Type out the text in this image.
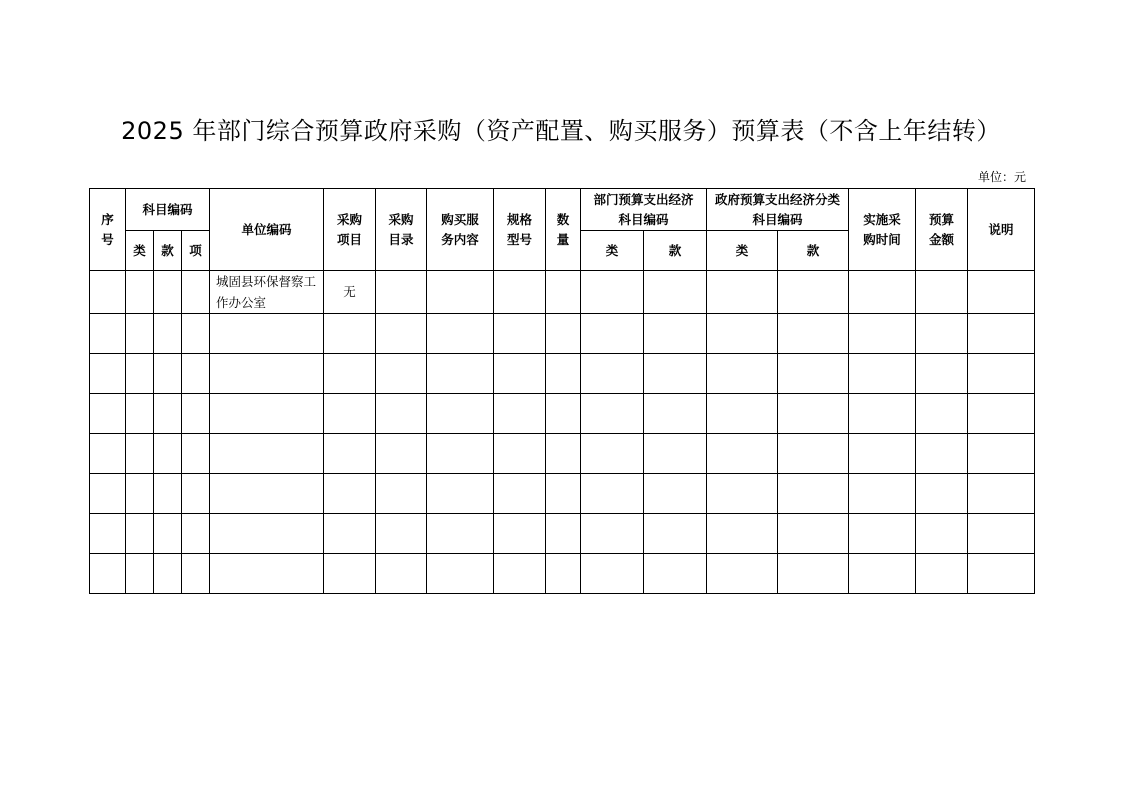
2025 年部门综合预算政府采购（资产配置、购买服务）预算表（不含上年结转）
单位：元
序号	科目编码			单位编码	采购项目	采购目录	购买服务内容	规格型号	数量	部门预算支出经济科目编码		政府预算支出经济分类科目编码		实施采购时间	预算金额	说明
	类	款	项							类	款	类	款			
				城固县环保督察工作办公室	无											
